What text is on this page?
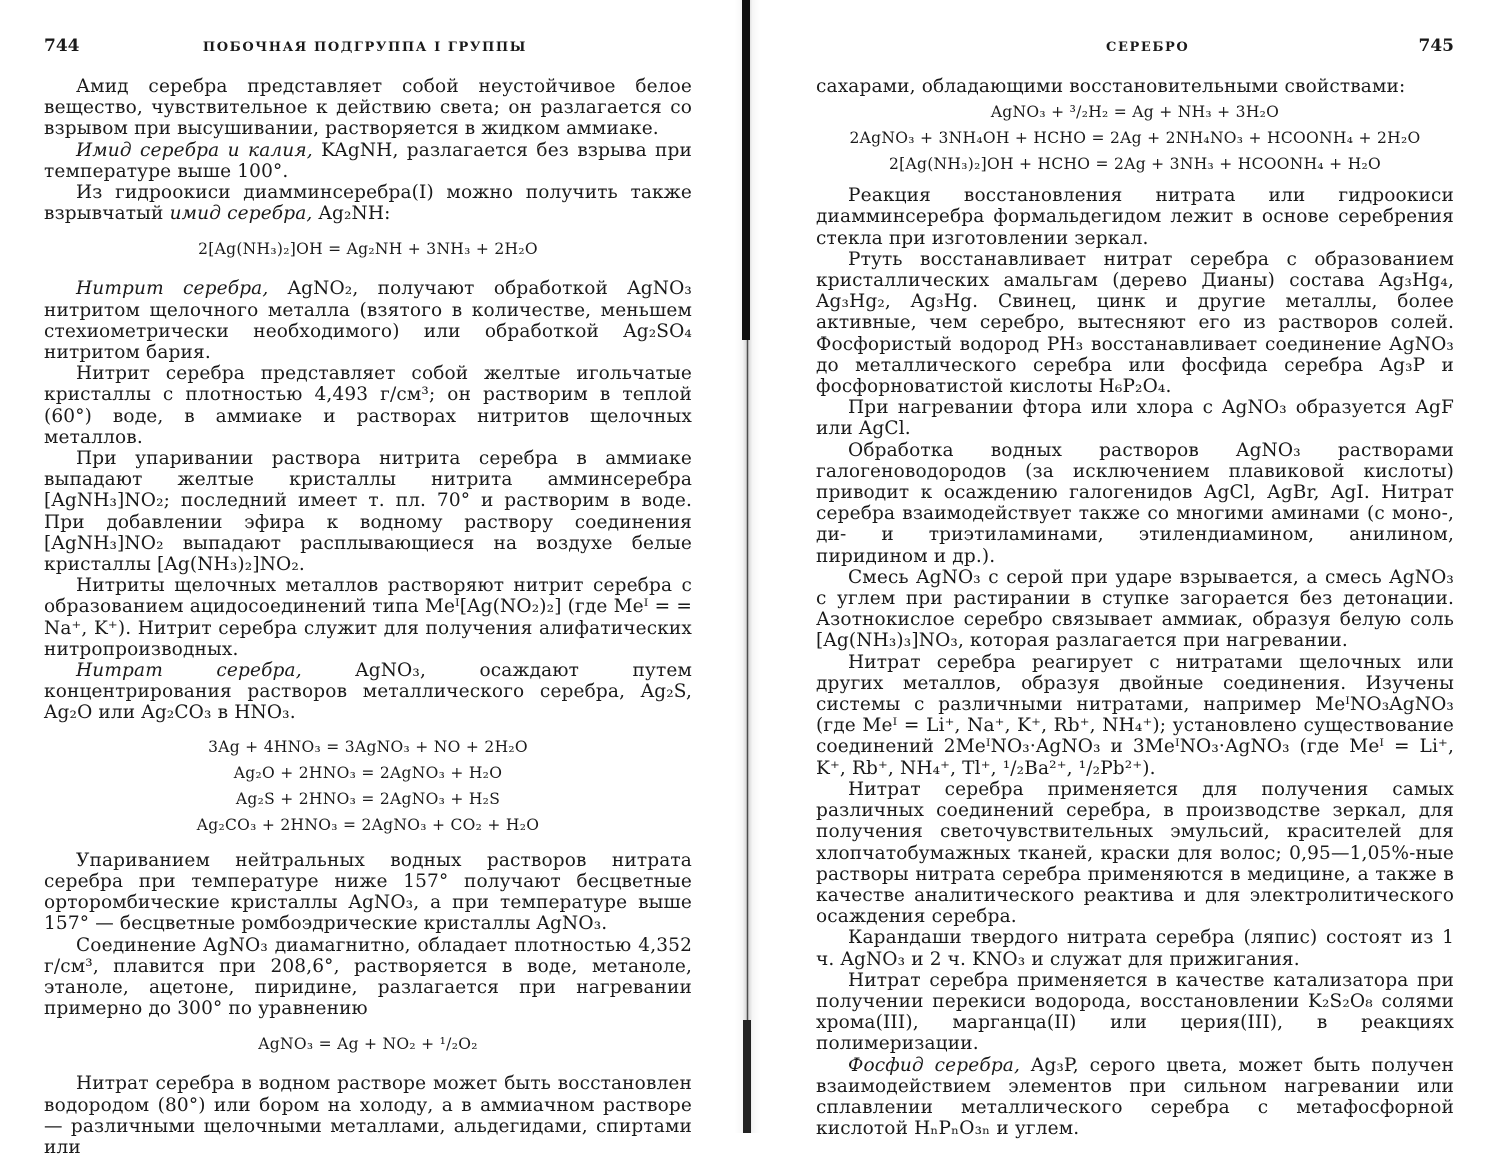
744	ПОБОЧНАЯ ПОДГРУППА I ГРУППЫ

Амид серебра представляет собой неустойчивое белое вещество, чувствительное к действию света; он разлагается со взрывом при высушивании, растворяется в жидком аммиаке.

Имид серебра и калия, KAgNH, разлагается без взрыва при температуре выше 100°.

Из гидроокиси диамминсеребра(I) можно получить также взрывчатый имид серебра, Ag₂NH:

2[Ag(NH₃)₂]OH = Ag₂NH + 3NH₃ + 2H₂O

Нитрит серебра, AgNO₂, получают обработкой AgNO₃ нитритом щелочного металла (взятого в количестве, меньшем стехиометрически необходимого) или обработкой Ag₂SO₄ нитритом бария.

Нитрит серебра представляет собой желтые игольчатые кристаллы с плотностью 4,493 г/см³; он растворим в теплой (60°) воде, в аммиаке и растворах нитритов щелочных металлов.

При упаривании раствора нитрита серебра в аммиаке выпадают желтые кристаллы нитрита амминсеребра [AgNH₃]NO₂; последний имеет т. пл. 70° и растворим в воде. При добавлении эфира к водному раствору соединения [AgNH₃]NO₂ выпадают расплывающиеся на воздухе белые кристаллы [Ag(NH₃)₂]NO₂.

Нитриты щелочных металлов растворяют нитрит серебра с образованием ацидосоединений типа Meᴵ[Ag(NO₂)₂] (где Meᴵ = = Na⁺, K⁺). Нитрит серебра служит для получения алифатических нитропроизводных.

Нитрат серебра, AgNO₃, осаждают путем концентрирования растворов металлического серебра, Ag₂S, Ag₂O или Ag₂CO₃ в HNO₃.

3Ag + 4HNO₃ = 3AgNO₃ + NO + 2H₂O

Ag₂O + 2HNO₃ = 2AgNO₃ + H₂O

Ag₂S + 2HNO₃ = 2AgNO₃ + H₂S

Ag₂CO₃ + 2HNO₃ = 2AgNO₃ + CO₂ + H₂O

Упариванием нейтральных водных растворов нитрата серебра при температуре ниже 157° получают бесцветные орторомбические кристаллы AgNO₃, а при температуре выше 157° — бесцветные ромбоэдрические кристаллы AgNO₃.

Соединение AgNO₃ диамагнитно, обладает плотностью 4,352 г/см³, плавится при 208,6°, растворяется в воде, метаноле, этаноле, ацетоне, пиридине, разлагается при нагревании примерно до 300° по уравнению

AgNO₃ = Ag + NO₂ + ¹/₂O₂

Нитрат серебра в водном растворе может быть восстановлен водородом (80°) или бором на холоду, а в аммиачном растворе — различными щелочными металлами, альдегидами, спиртами или

СЕРЕБРО	745

сахарами, обладающими восстановительными свойствами:

AgNO₃ + ³/₂H₂ = Ag + NH₃ + 3H₂O

2AgNO₃ + 3NH₄OH + HCHO = 2Ag + 2NH₄NO₃ + HCOONH₄ + 2H₂O

2[Ag(NH₃)₂]OH + HCHO = 2Ag + 3NH₃ + HCOONH₄ + H₂O

Реакция восстановления нитрата или гидроокиси диамминсеребра формальдегидом лежит в основе серебрения стекла при изготовлении зеркал.

Ртуть восстанавливает нитрат серебра с образованием кристаллических амальгам (дерево Дианы) состава Ag₃Hg₄, Ag₃Hg₂, Ag₃Hg. Свинец, цинк и другие металлы, более активные, чем серебро, вытесняют его из растворов солей. Фосфористый водород PH₃ восстанавливает соединение AgNO₃ до металлического серебра или фосфида серебра Ag₃P и фосфорноватистой кислоты H₆P₂O₄.

При нагревании фтора или хлора с AgNO₃ образуется AgF или AgCl.

Обработка водных растворов AgNO₃ растворами галогеноводородов (за исключением плавиковой кислоты) приводит к осаждению галогенидов AgCl, AgBr, AgI. Нитрат серебра взаимодействует также со многими аминами (с моно-, ди- и триэтиламинами, этилендиамином, анилином, пиридином и др.).

Смесь AgNO₃ с серой при ударе взрывается, а смесь AgNO₃ с углем при растирании в ступке загорается без детонации. Азотнокислое серебро связывает аммиак, образуя белую соль [Ag(NH₃)₃]NO₃, которая разлагается при нагревании.

Нитрат серебра реагирует с нитратами щелочных или других металлов, образуя двойные соединения. Изучены системы с различными нитратами, например MeᴵNO₃AgNO₃ (где Meᴵ = Li⁺, Na⁺, K⁺, Rb⁺, NH₄⁺); установлено существование соединений 2MeᴵNO₃·AgNO₃ и 3MeᴵNO₃·AgNO₃ (где Meᴵ = Li⁺, K⁺, Rb⁺, NH₄⁺, Tl⁺, ¹/₂Ba²⁺, ¹/₂Pb²⁺).

Нитрат серебра применяется для получения самых различных соединений серебра, в производстве зеркал, для получения светочувствительных эмульсий, красителей для хлопчатобумажных тканей, краски для волос; 0,95—1,05%-ные растворы нитрата серебра применяются в медицине, а также в качестве аналитического реактива и для электролитического осаждения серебра.

Карандаши твердого нитрата серебра (ляпис) состоят из 1 ч. AgNO₃ и 2 ч. KNO₃ и служат для прижигания.

Нитрат серебра применяется в качестве катализатора при получении перекиси водорода, восстановлении K₂S₂O₈ солями хрома(III), марганца(II) или церия(III), в реакциях полимеризации.

Фосфид серебра, Ag₃P, серого цвета, может быть получен взаимодействием элементов при сильном нагревании или сплавлении металлического серебра с метафосфорной кислотой HₙPₙO₃ₙ и углем.
